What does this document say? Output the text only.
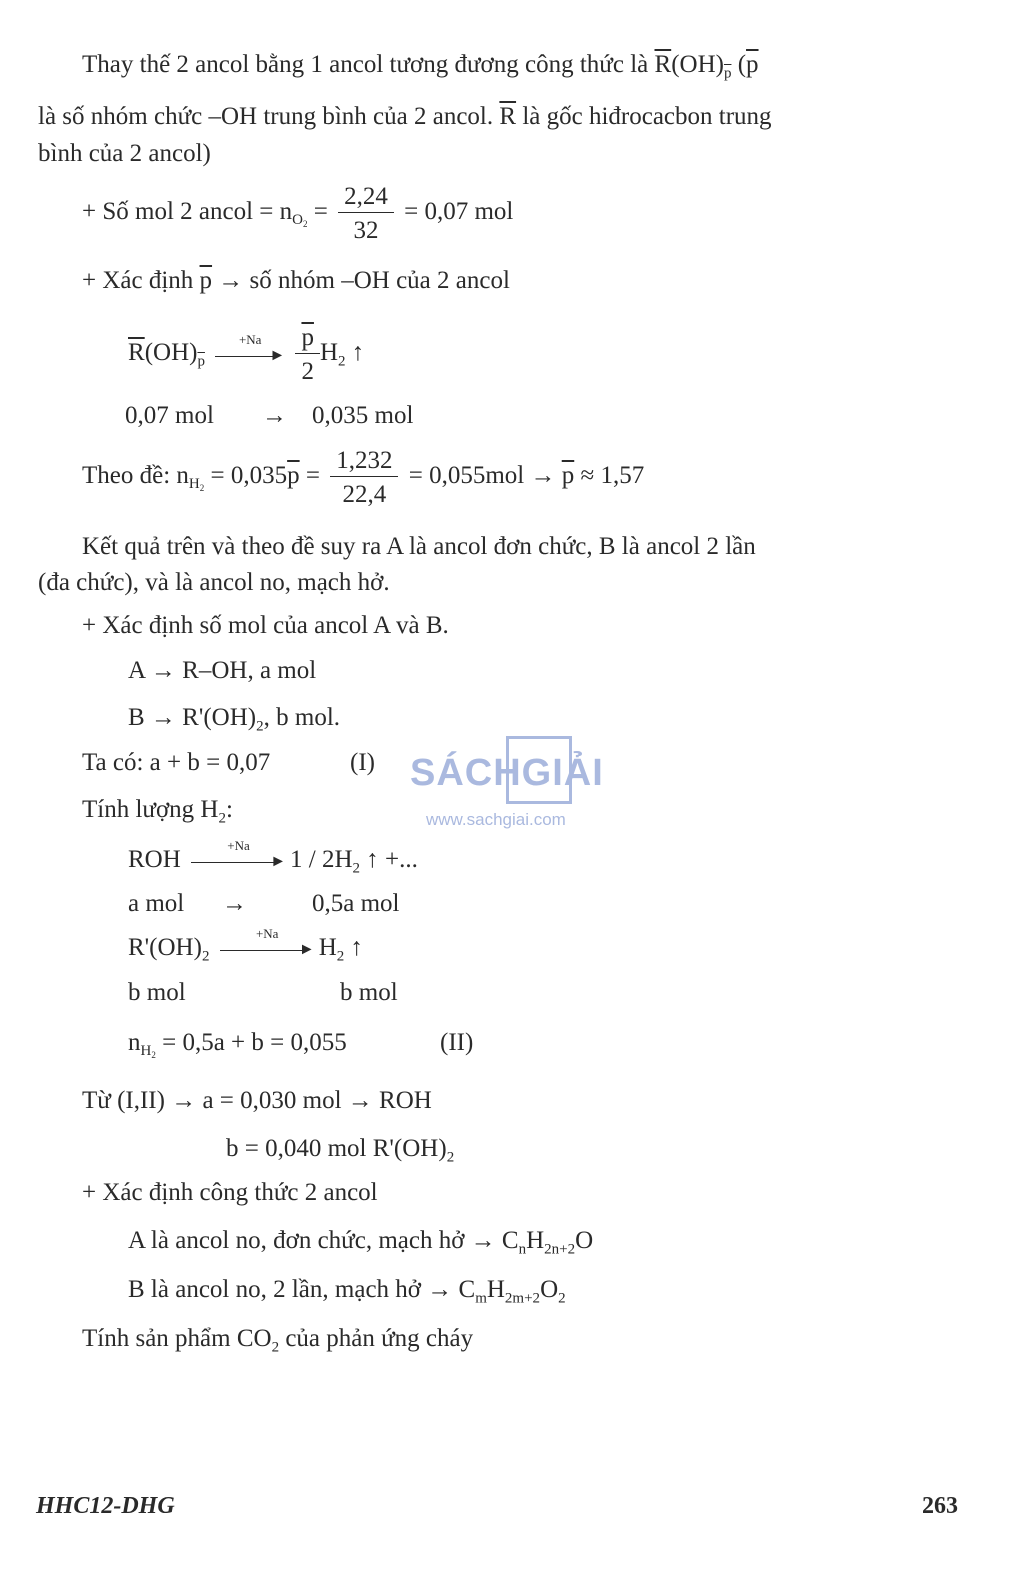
Thay thế 2 ancol bằng 1 ancol tương đương công thức là $\overline{R}(OH)_{\overline{p}}$ ($\overline{p}$
là số nhóm chức –OH trung bình của 2 ancol. $\overline{R}$ là gốc hiđrocacbon trung
bình của 2 ancol)
+ Số mol 2 ancol = $n_{O_2} = \frac{2,24}{32} = 0,07$ mol
+ Xác định $\overline{p}$ → số nhóm –OH của 2 ancol
$\overline{R}(OH)_{\overline{p}}$
+Na
►
$\frac{\overline{p}}{2} H_2$ ↑
0,07 mol → 0,035 mol
Theo đề: $n_{H_2} = 0,035\overline{p} = \frac{1,232}{22,4} = 0,055mol \to \overline{p} \approx 1,57$
Kết quả trên và theo đề suy ra A là ancol đơn chức, B là ancol 2 lần
(đa chức), và là ancol no, mạch hở.
+ Xác định số mol của ancol A và B.
A → R–OH, a mol
$B \to R'(OH)_2$, b mol.
Ta có: a + b = 0,07	(I)
Tính lượng $H_2$:
SÁCHGIẢI
www.sachgiai.com
ROH
+Na
► $1 / 2H_2$ ↑ +...
a mol →	0,5a mol
$R'(OH)_2$
+Na
► $H_2$ ↑
b mol	b mol
$n_{H_2} = 0,5a + b = 0,055$	(II)
Từ (I,II) → a = 0,030 mol → ROH
b = 0,040 mol $R'(OH)_2$
+ Xác định công thức 2 ancol
A là ancol no, đơn chức, mạch hở → $C_nH_{2n+2}O$
B là ancol no, 2 lần, mạch hở → $C_mH_{2m+2}O_2$
Tính sản phẩm $CO_2$ của phản ứng cháy
HHC12-DHG	263
